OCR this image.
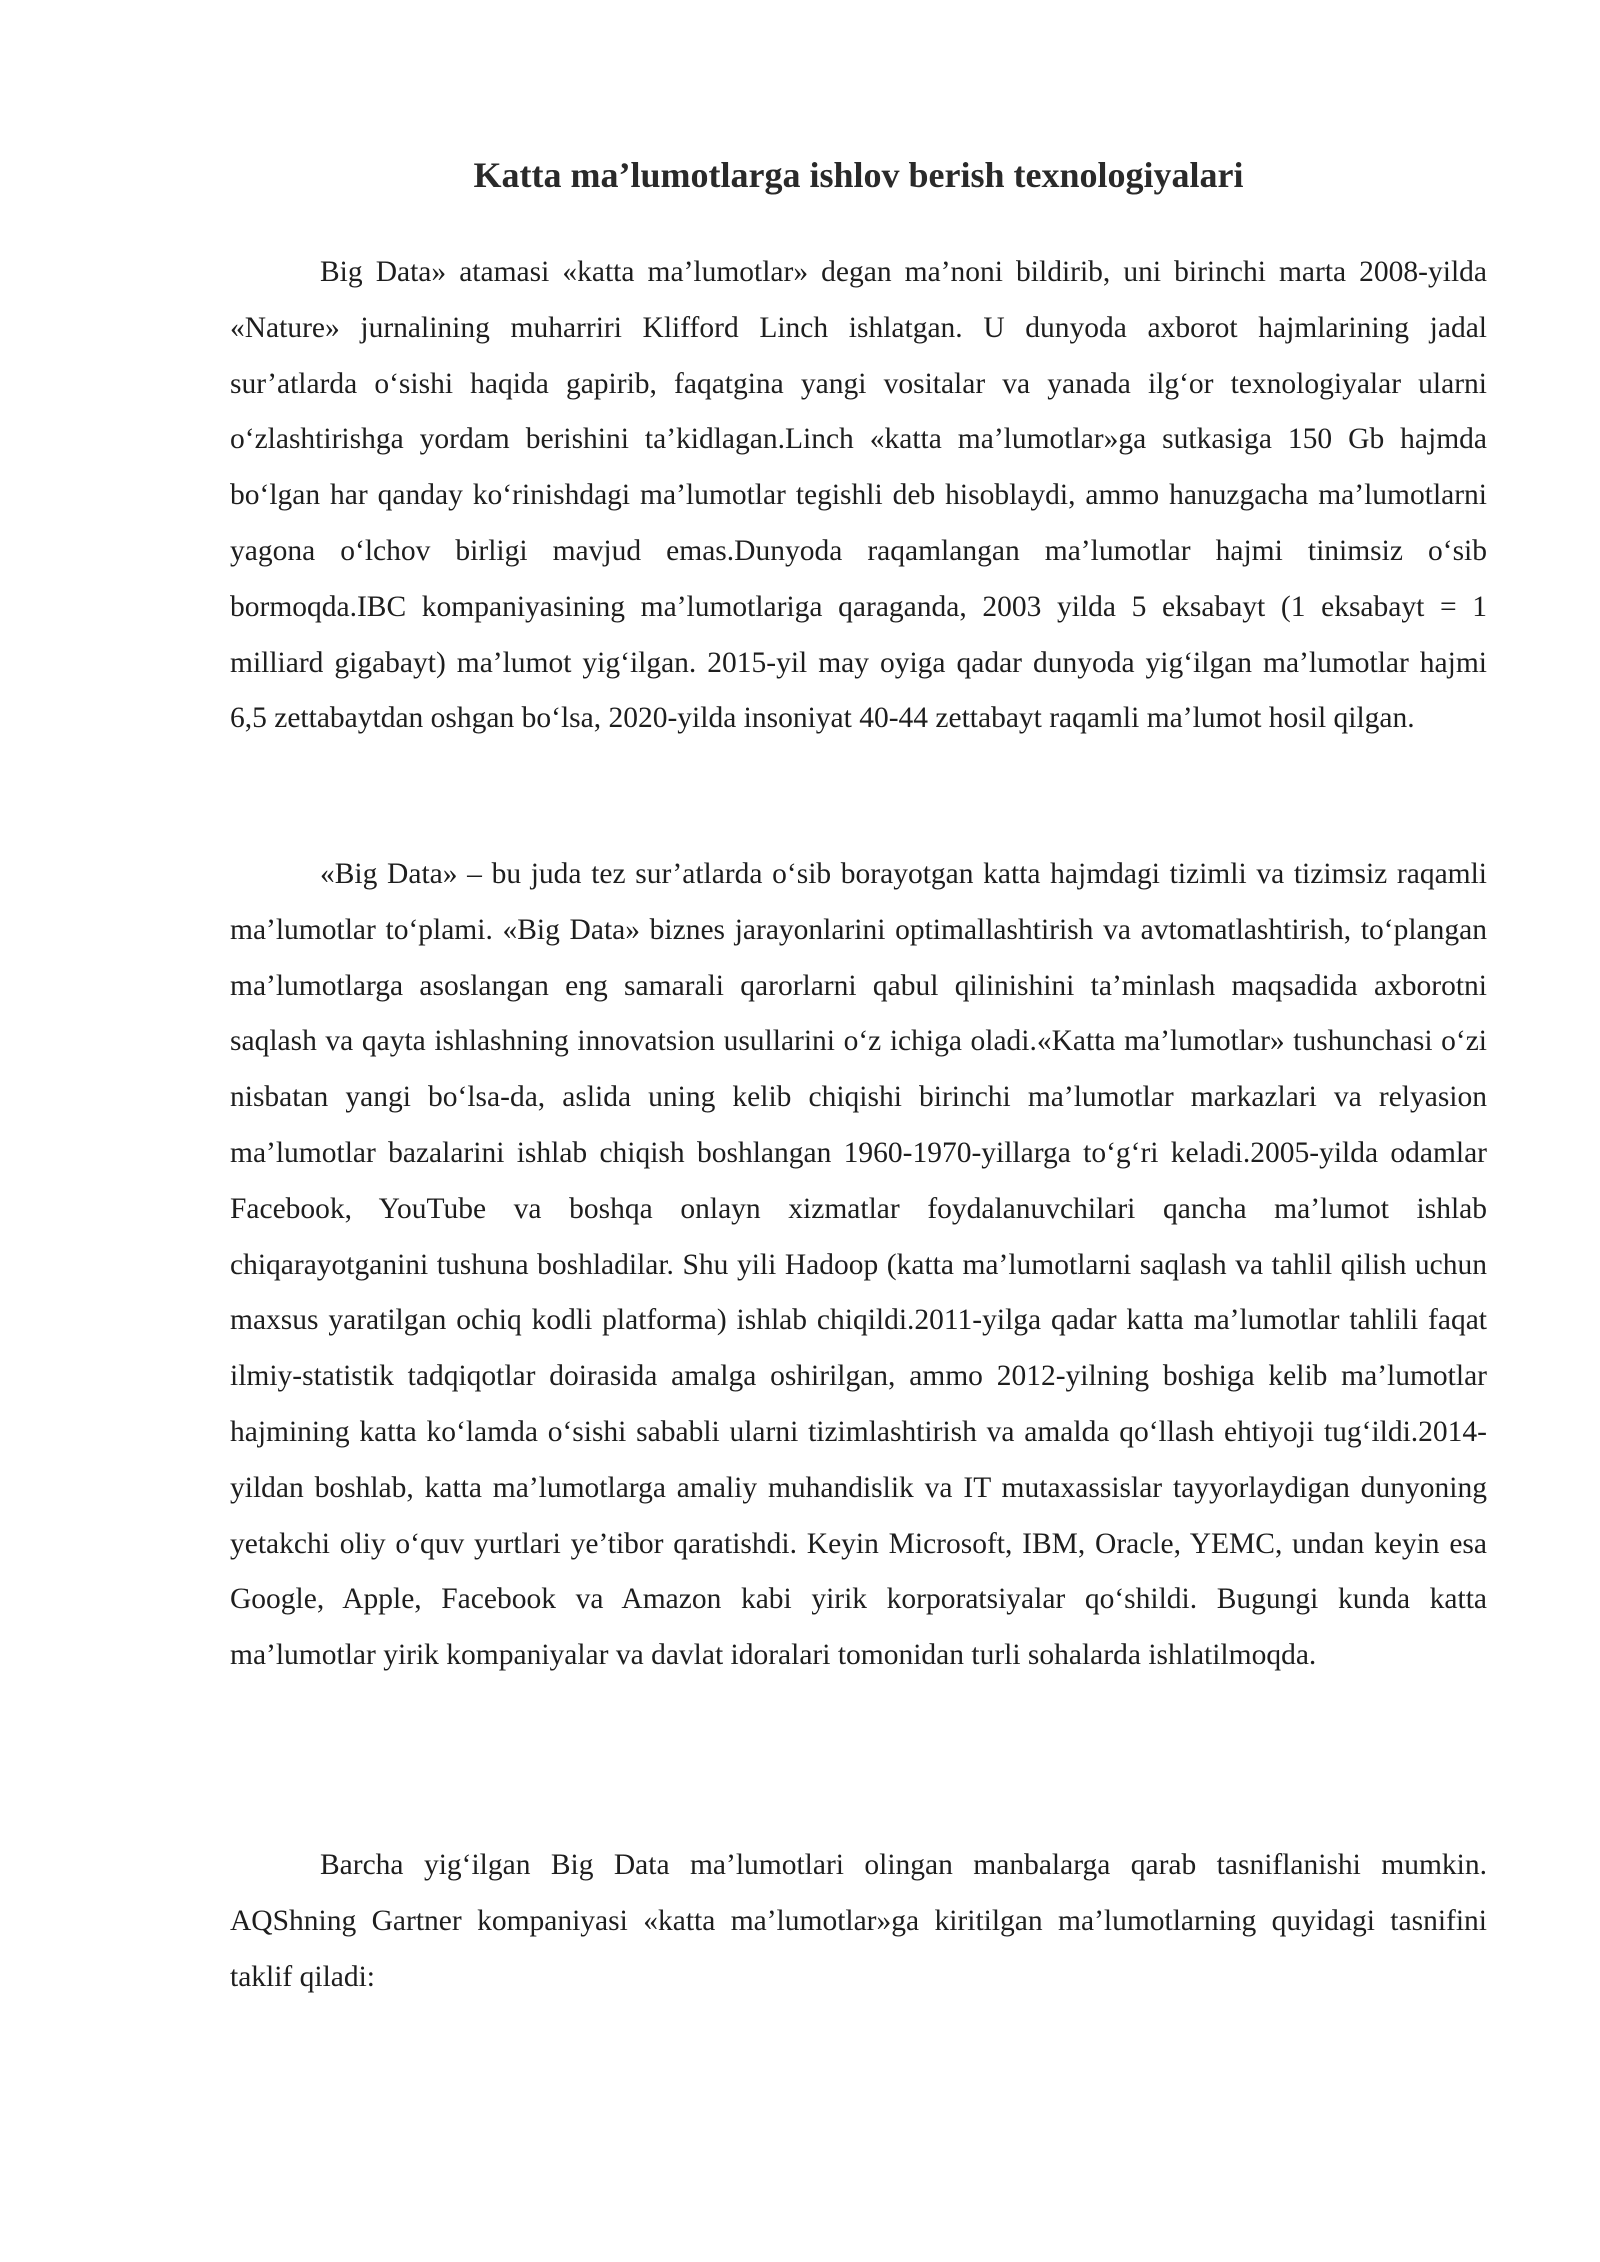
Katta ma’lumotlarga ishlov berish texnologiyalari

Big Data» atamasi «katta ma’lumotlar» degan ma’noni bildirib, uni birinchi marta 2008-yilda «Nature» jurnalining muharriri Klifford Linch ishlatgan. U dunyoda axborot hajmlarining jadal sur’atlarda o‘sishi haqida gapirib, faqatgina yangi vositalar va yanada ilg‘or texnologiyalar ularni o‘zlashtirishga yordam berishini ta’kidlagan.Linch «katta ma’lumotlar»ga sutkasiga 150 Gb hajmda bo‘lgan har qanday ko‘rinishdagi ma’lumotlar tegishli deb hisoblaydi, ammo hanuzgacha ma’lumotlarni yagona o‘lchov birligi mavjud emas.Dunyoda raqamlangan ma’lumotlar hajmi tinimsiz o‘sib bormoqda.IBC kompaniyasining ma’lumotlariga qaraganda, 2003 yilda 5 eksabayt (1 eksabayt = 1 milliard gigabayt) ma’lumot yig‘ilgan. 2015-yil may oyiga qadar dunyoda yig‘ilgan ma’lumotlar hajmi 6,5 zettabaytdan oshgan bo‘lsa, 2020-yilda insoniyat 40-44 zettabayt raqamli ma’lumot hosil qilgan.

«Big Data» – bu juda tez sur’atlarda o‘sib borayotgan katta hajmdagi tizimli va tizimsiz raqamli ma’lumotlar to‘plami. «Big Data» biznes jarayonlarini optimallashtirish va avtomatlashtirish, to‘plangan ma’lumotlarga asoslangan eng samarali qarorlarni qabul qilinishini ta’minlash maqsadida axborotni saqlash va qayta ishlashning innovatsion usullarini o‘z ichiga oladi.«Katta ma’lumotlar» tushunchasi o‘zi nisbatan yangi bo‘lsa-da, aslida uning kelib chiqishi birinchi ma’lumotlar markazlari va relyasion ma’lumotlar bazalarini ishlab chiqish boshlangan 1960-1970-yillarga to‘g‘ri keladi.2005-yilda odamlar Facebook, YouTube va boshqa onlayn xizmatlar foydalanuvchilari qancha ma’lumot ishlab chiqarayotganini tushuna boshladilar. Shu yili Hadoop (katta ma’lumotlarni saqlash va tahlil qilish uchun maxsus yaratilgan ochiq kodli platforma) ishlab chiqildi.2011-yilga qadar katta ma’lumotlar tahlili faqat ilmiy-statistik tadqiqotlar doirasida amalga oshirilgan, ammo 2012-yilning boshiga kelib ma’lumotlar hajmining katta ko‘lamda o‘sishi sababli ularni tizimlashtirish va amalda qo‘llash ehtiyoji tug‘ildi.2014-yildan boshlab, katta ma’lumotlarga amaliy muhandislik va IT mutaxassislar tayyorlaydigan dunyoning yetakchi oliy o‘quv yurtlari ye’tibor qaratishdi. Keyin Microsoft, IBM, Oracle, YEMC, undan keyin esa Google, Apple, Facebook va Amazon kabi yirik korporatsiyalar qo‘shildi. Bugungi kunda katta ma’lumotlar yirik kompaniyalar va davlat idoralari tomonidan turli sohalarda ishlatilmoqda.

Barcha yig‘ilgan Big Data ma’lumotlari olingan manbalarga qarab tasniflanishi mumkin. AQShning Gartner kompaniyasi «katta ma’lumotlar»ga kiritilgan ma’lumotlarning quyidagi tasnifini taklif qiladi:
